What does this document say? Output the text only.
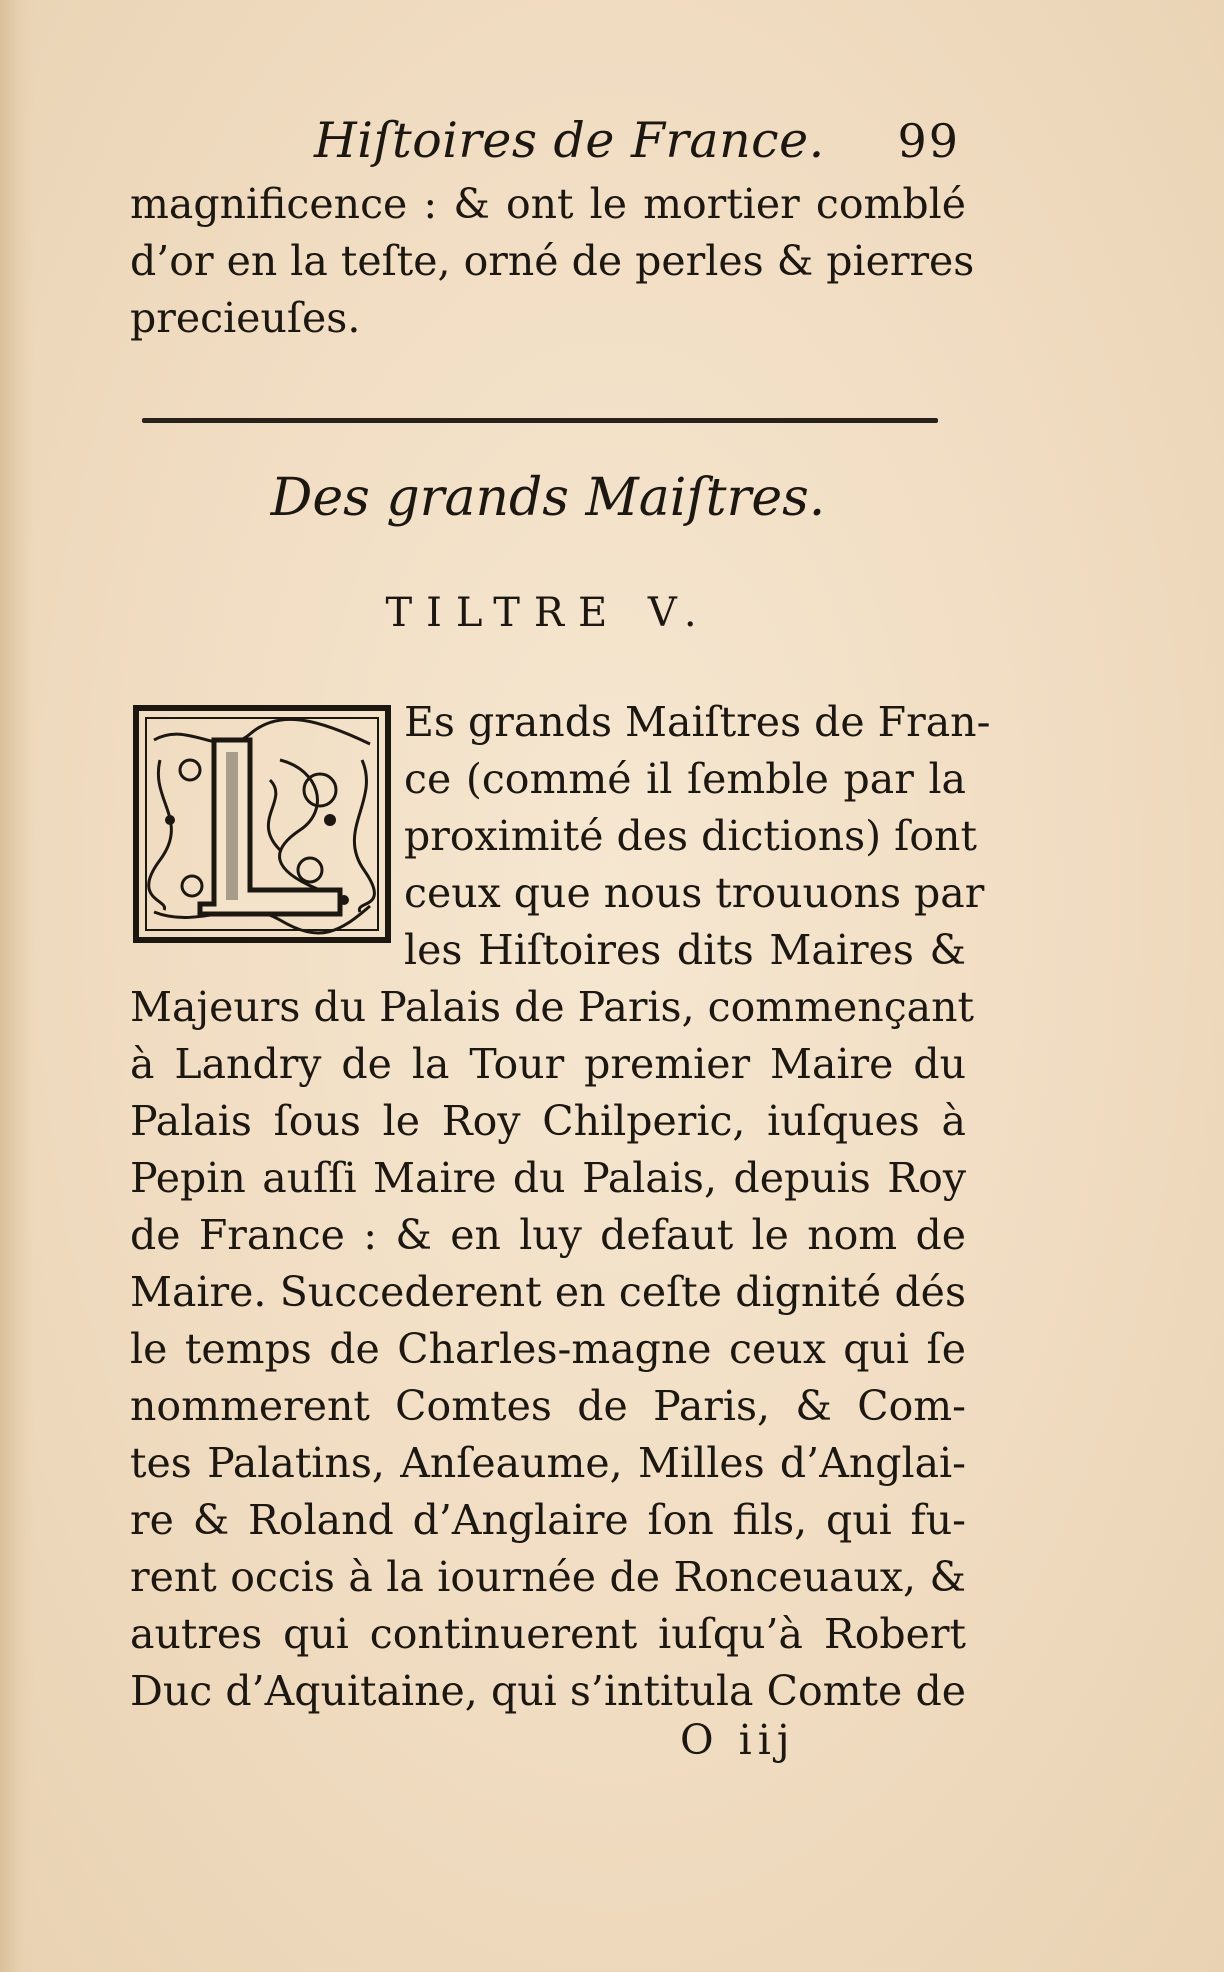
Hiſtoires de France. 99
magnificence : & ont le mortier comblé
d’or en la teſte, orné de perles & pierres
precieuſes.
Des grands Maiſtres.
TILTRE V.
Es grands Maiſtres de Fran-
ce (commé il ſemble par la
proximité des dictions) ſont
ceux que nous trouuons par
les Hiſtoires dits Maires &
Majeurs du Palais de Paris, commençant
à Landry de la Tour premier Maire du
Palais ſous le Roy Chilperic, iuſques à
Pepin auſſi Maire du Palais, depuis Roy
de France : & en luy defaut le nom de
Maire. Succederent en ceſte dignité dés
le temps de Charles-magne ceux qui ſe
nommerent Comtes de Paris, & Com-
tes Palatins, Anſeaume, Milles d’Anglai-
re & Roland d’Anglaire ſon fils, qui fu-
rent occis à la iournée de Ronceuaux, &
autres qui continuerent iuſqu’à Robert
Duc d’Aquitaine, qui s’intitula Comte de
O iij
